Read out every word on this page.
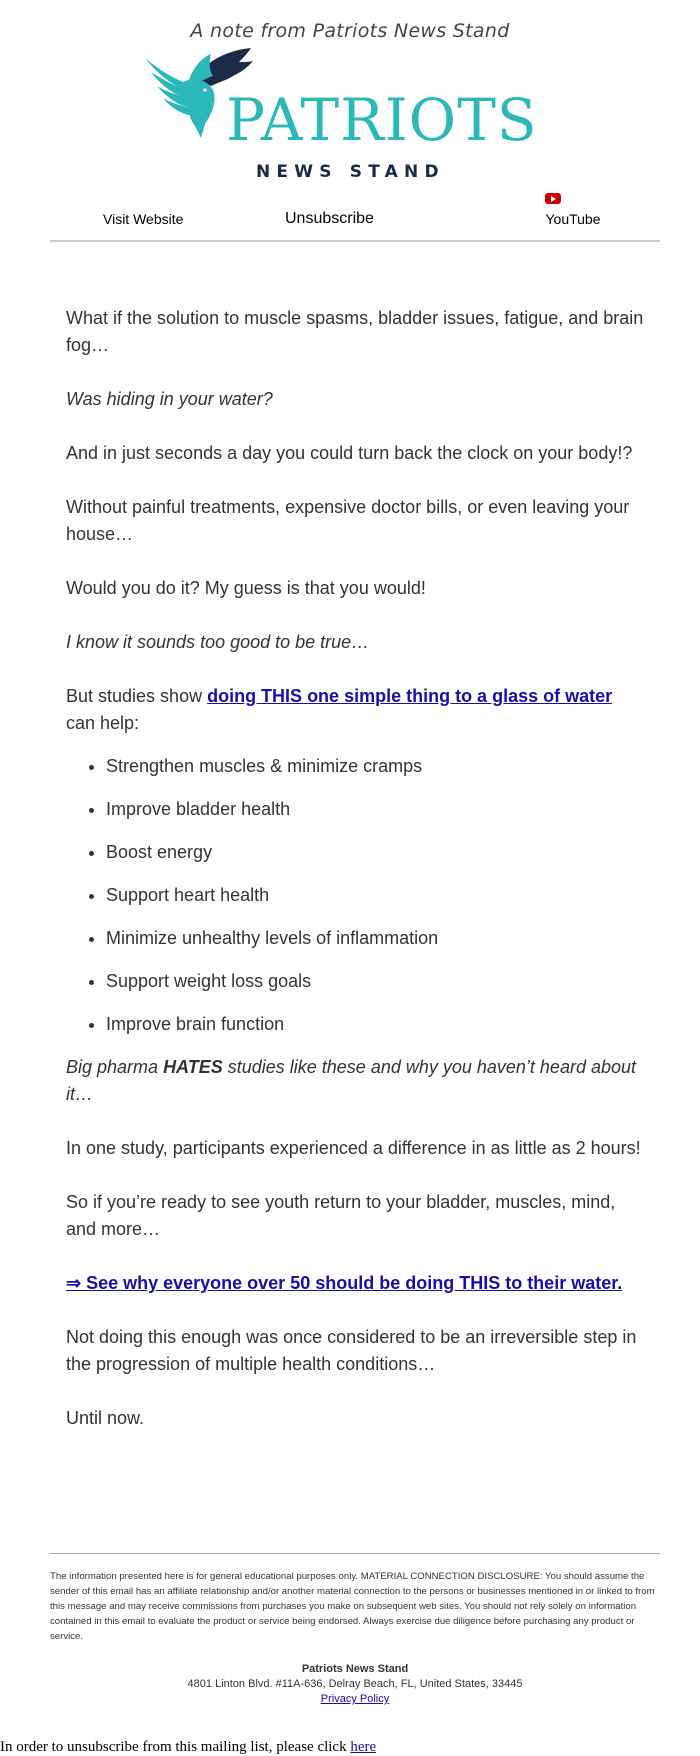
A note from Patriots News Stand
PATRIOTS
NEWS STAND
Visit Website	Unsubscribe	YouTube

What if the solution to muscle spasms, bladder issues, fatigue, and brain fog…

Was hiding in your water?

And in just seconds a day you could turn back the clock on your body!?

Without painful treatments, expensive doctor bills, or even leaving your house…

Would you do it? My guess is that you would!

I know it sounds too good to be true…

But studies show doing THIS one simple thing to a glass of water can help:

• Strengthen muscles & minimize cramps
• Improve bladder health
• Boost energy
• Support heart health
• Minimize unhealthy levels of inflammation
• Support weight loss goals
• Improve brain function

Big pharma HATES studies like these and why you haven’t heard about it…

In one study, participants experienced a difference in as little as 2 hours!

So if you’re ready to see youth return to your bladder, muscles, mind, and more…

⇒ See why everyone over 50 should be doing THIS to their water.

Not doing this enough was once considered to be an irreversible step in the progression of multiple health conditions…

Until now.

The information presented here is for general educational purposes only. MATERIAL CONNECTION DISCLOSURE: You should assume the sender of this email has an affiliate relationship and/or another material connection to the persons or businesses mentioned in or linked to from this message and may receive commissions from purchases you make on subsequent web sites. You should not rely solely on information contained in this email to evaluate the product or service being endorsed. Always exercise due diligence before purchasing any product or service.
Patriots News Stand
4801 Linton Blvd. #11A-636, Delray Beach, FL, United States, 33445
Privacy Policy
In order to unsubscribe from this mailing list, please click here
